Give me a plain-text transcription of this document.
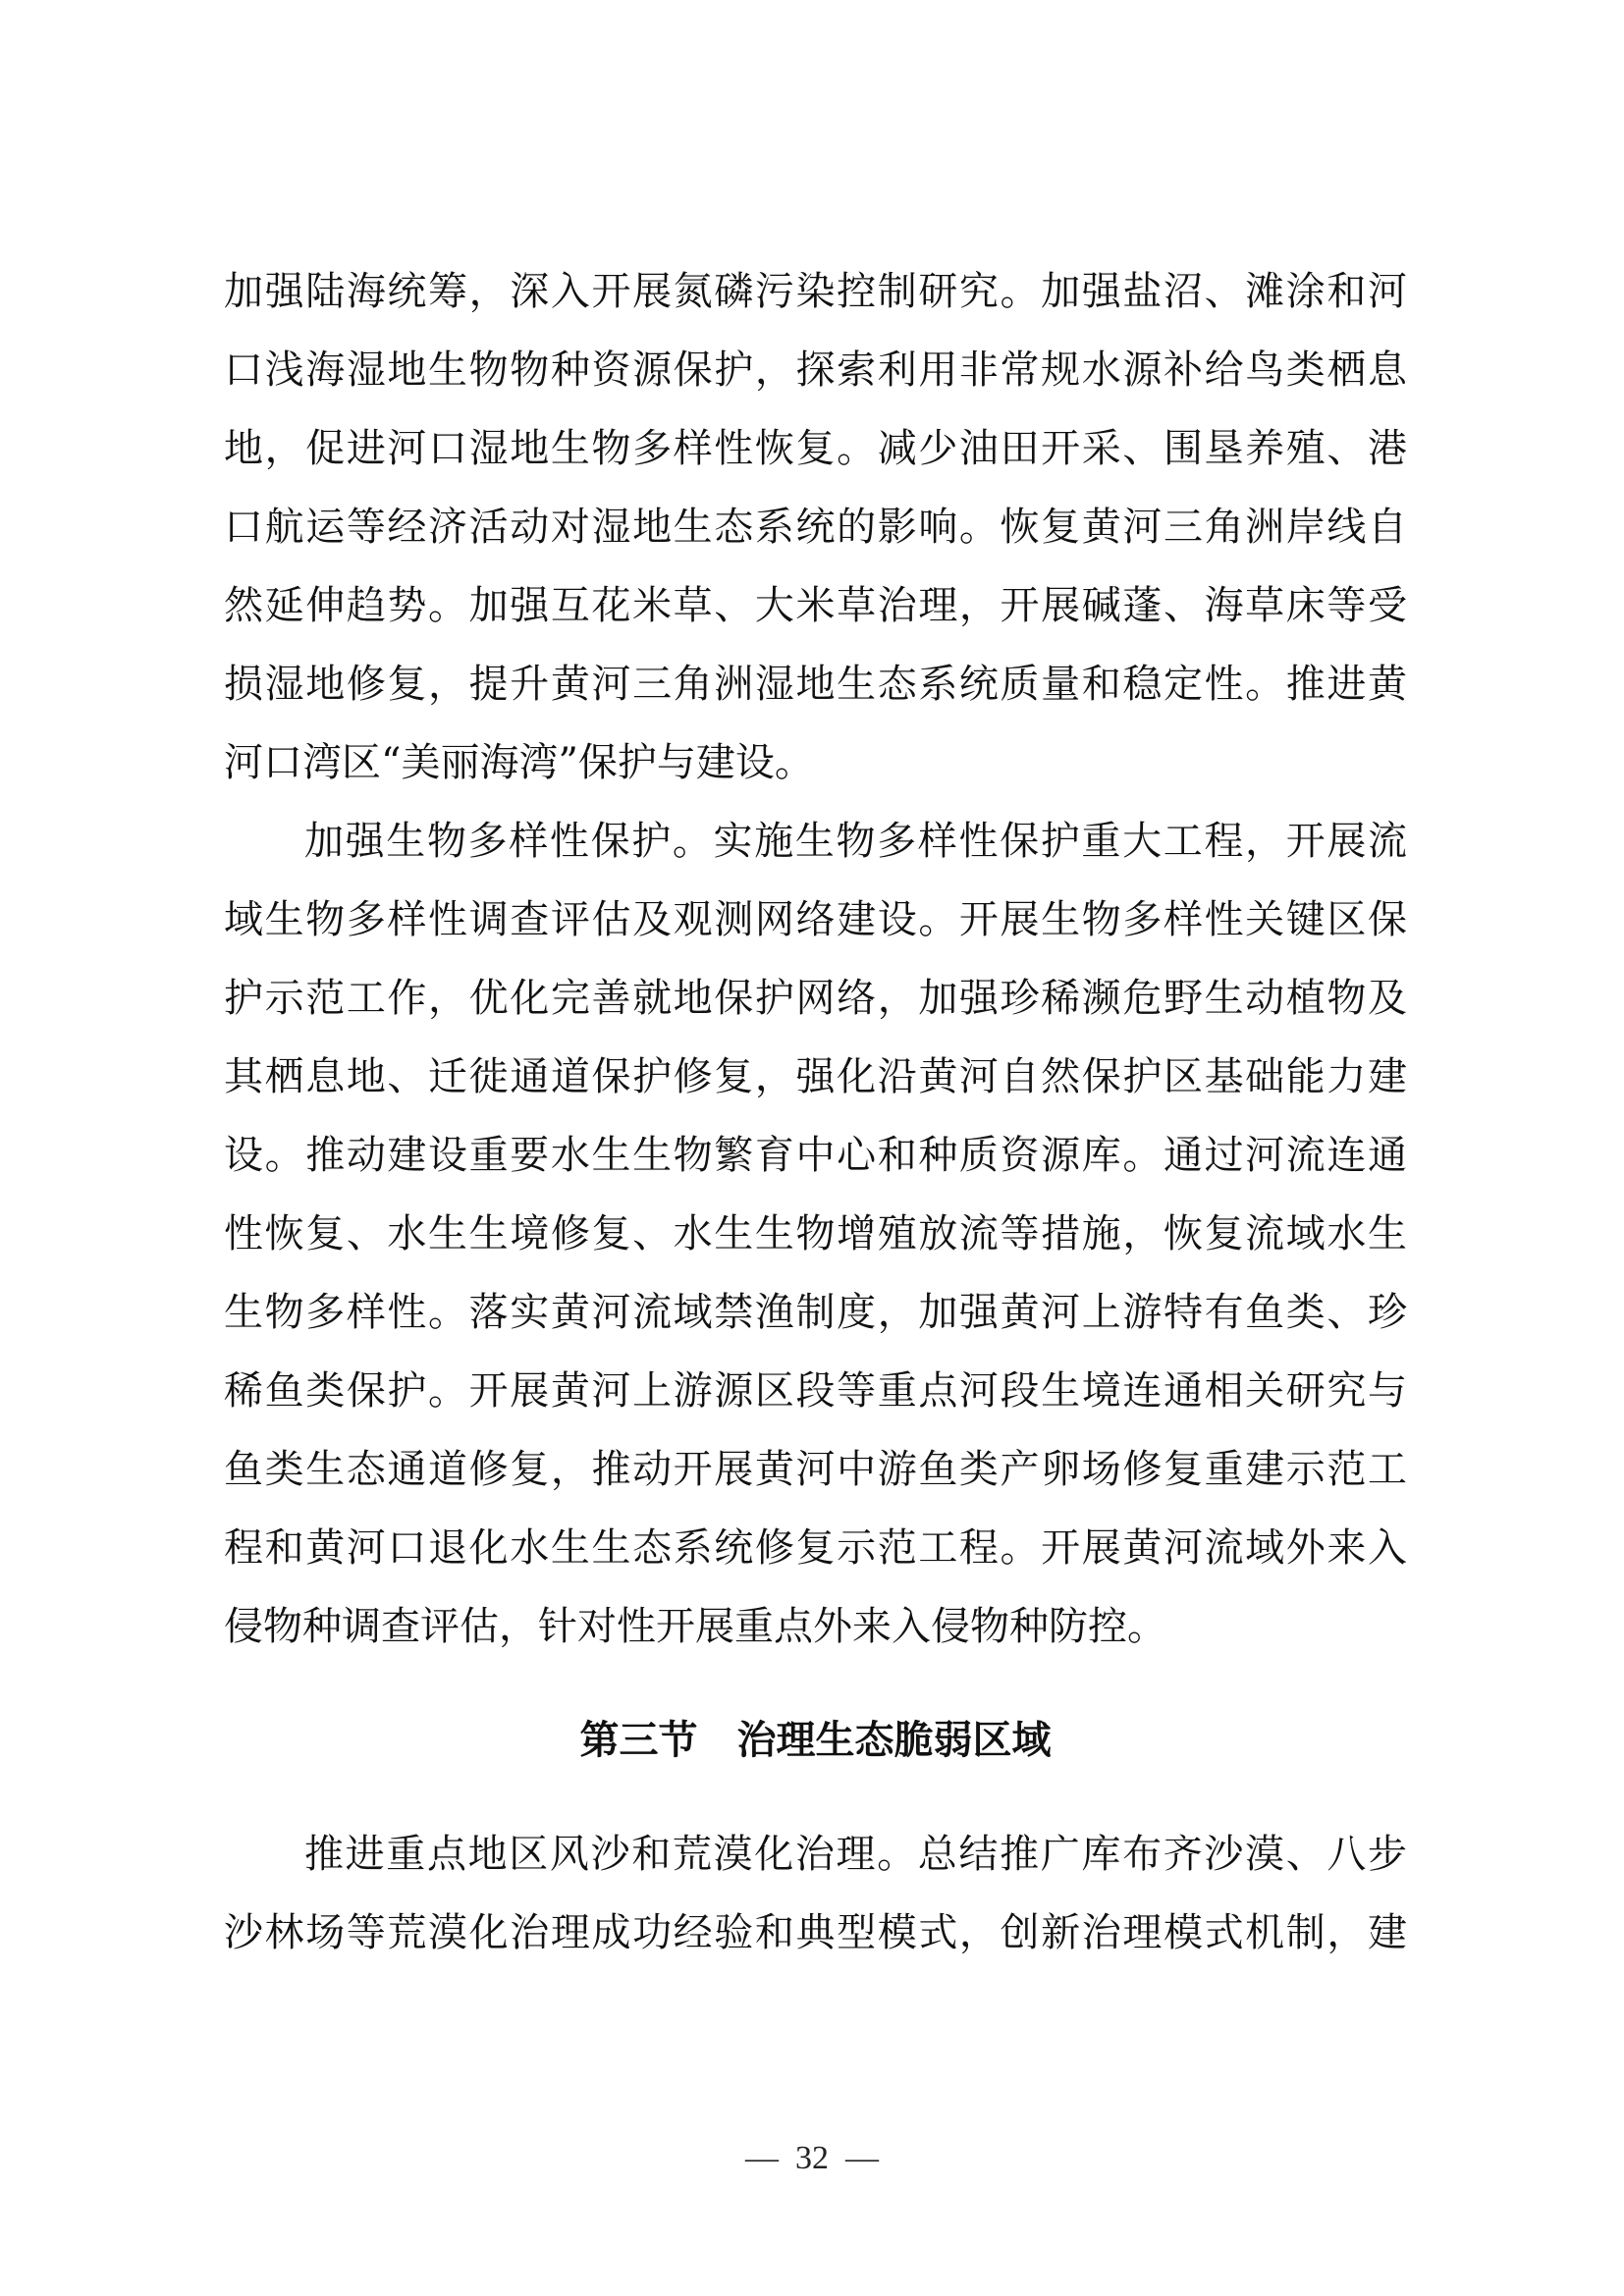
加强陆海统筹，深入开展氮磷污染控制研究。加强盐沼、滩涂和河
口浅海湿地生物物种资源保护，探索利用非常规水源补给鸟类栖息
地，促进河口湿地生物多样性恢复。减少油田开采、围垦养殖、港
口航运等经济活动对湿地生态系统的影响。恢复黄河三角洲岸线自
然延伸趋势。加强互花米草、大米草治理，开展碱蓬、海草床等受
损湿地修复，提升黄河三角洲湿地生态系统质量和稳定性。推进黄
河口湾区“美丽海湾”保护与建设。
加强生物多样性保护。实施生物多样性保护重大工程，开展流
域生物多样性调查评估及观测网络建设。开展生物多样性关键区保
护示范工作，优化完善就地保护网络，加强珍稀濒危野生动植物及
其栖息地、迁徙通道保护修复，强化沿黄河自然保护区基础能力建
设。推动建设重要水生生物繁育中心和种质资源库。通过河流连通
性恢复、水生生境修复、水生生物增殖放流等措施，恢复流域水生
生物多样性。落实黄河流域禁渔制度，加强黄河上游特有鱼类、珍
稀鱼类保护。开展黄河上游源区段等重点河段生境连通相关研究与
鱼类生态通道修复，推动开展黄河中游鱼类产卵场修复重建示范工
程和黄河口退化水生生态系统修复示范工程。开展黄河流域外来入
侵物种调查评估，针对性开展重点外来入侵物种防控。
第三节　治理生态脆弱区域
推进重点地区风沙和荒漠化治理。总结推广库布齐沙漠、八步
沙林场等荒漠化治理成功经验和典型模式，创新治理模式机制，建
—  32  —
